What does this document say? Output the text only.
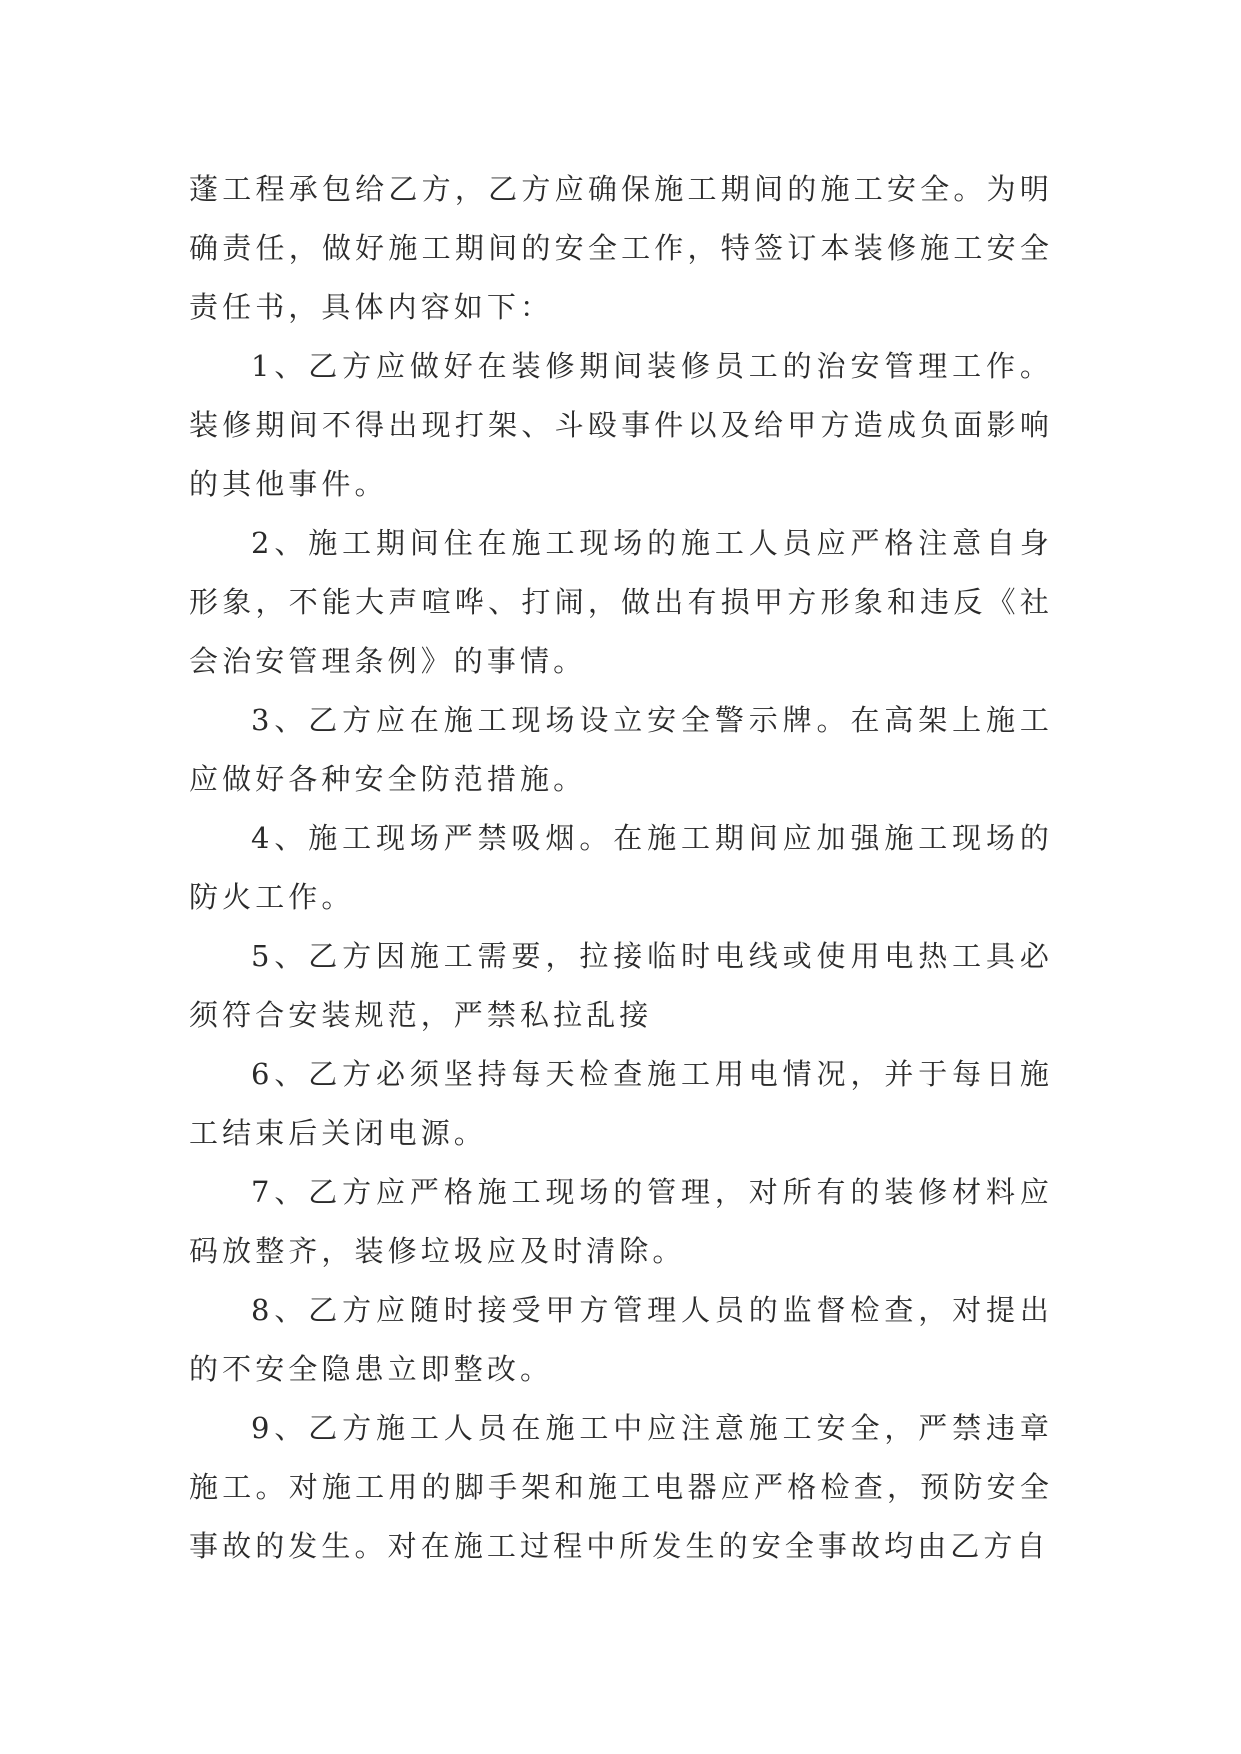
蓬工程承包给乙方，乙方应确保施工期间的施工安全。为明确责任，做好施工期间的安全工作，特签订本装修施工安全责任书，具体内容如下：

1、乙方应做好在装修期间装修员工的治安管理工作。装修期间不得出现打架、斗殴事件以及给甲方造成负面影响的其他事件。

2、施工期间住在施工现场的施工人员应严格注意自身形象，不能大声喧哗、打闹，做出有损甲方形象和违反《社会治安管理条例》的事情。

3、乙方应在施工现场设立安全警示牌。在高架上施工应做好各种安全防范措施。

4、施工现场严禁吸烟。在施工期间应加强施工现场的防火工作。

5、乙方因施工需要，拉接临时电线或使用电热工具必须符合安装规范，严禁私拉乱接

6、乙方必须坚持每天检查施工用电情况，并于每日施工结束后关闭电源。

7、乙方应严格施工现场的管理，对所有的装修材料应码放整齐，装修垃圾应及时清除。

8、乙方应随时接受甲方管理人员的监督检查，对提出的不安全隐患立即整改。

9、乙方施工人员在施工中应注意施工安全，严禁违章施工。对施工用的脚手架和施工电器应严格检查，预防安全事故的发生。对在施工过程中所发生的安全事故均由乙方自
